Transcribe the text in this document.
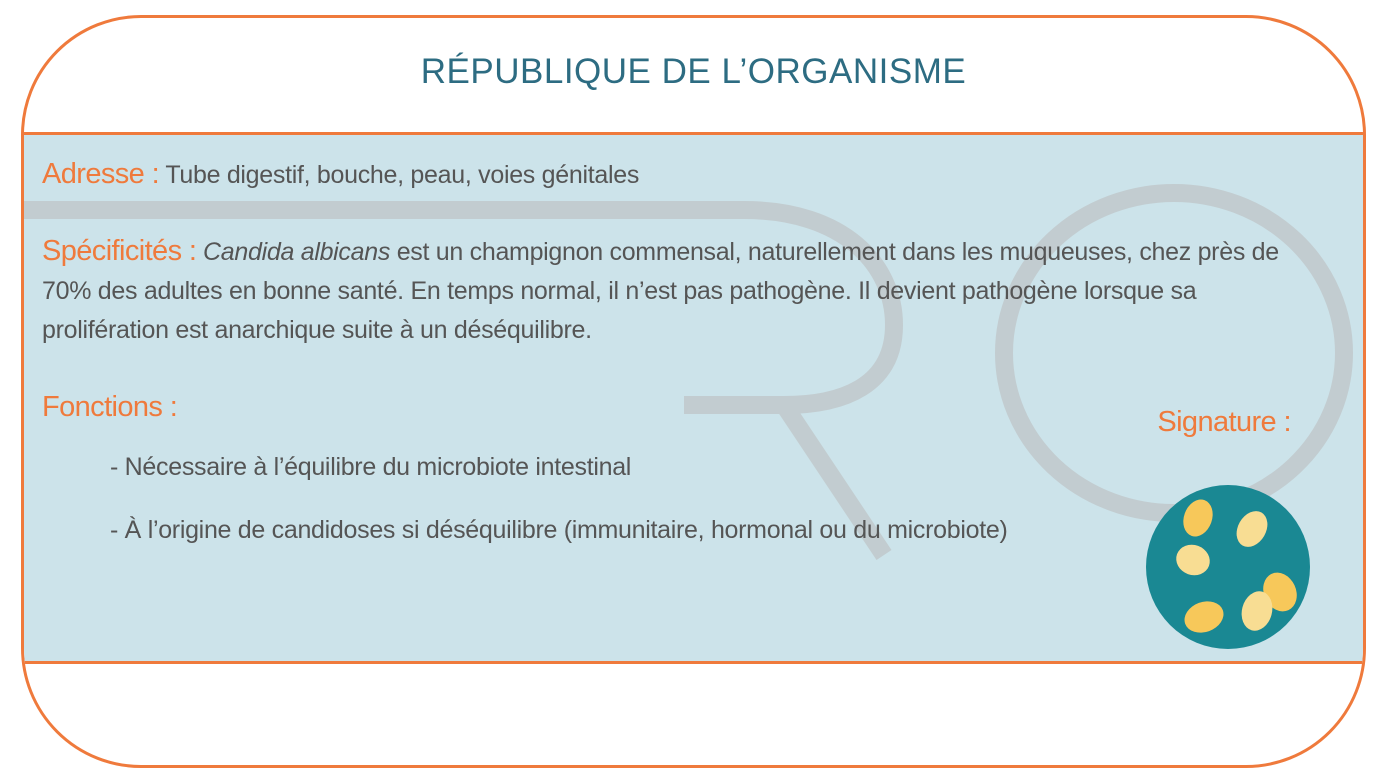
RÉPUBLIQUE DE L’ORGANISME
Adresse : Tube digestif, bouche, peau, voies génitales
Spécificités : Candida albicans est un champignon commensal, naturellement dans les muqueuses, chez près de 70% des adultes en bonne santé. En temps normal, il n’est pas pathogène. Il devient pathogène lorsque sa prolifération est anarchique suite à un déséquilibre.
Fonctions :
- Nécessaire à l’équilibre du microbiote intestinal
- À l’origine de candidoses si déséquilibre (immunitaire, hormonal ou du microbiote)
Signature :
